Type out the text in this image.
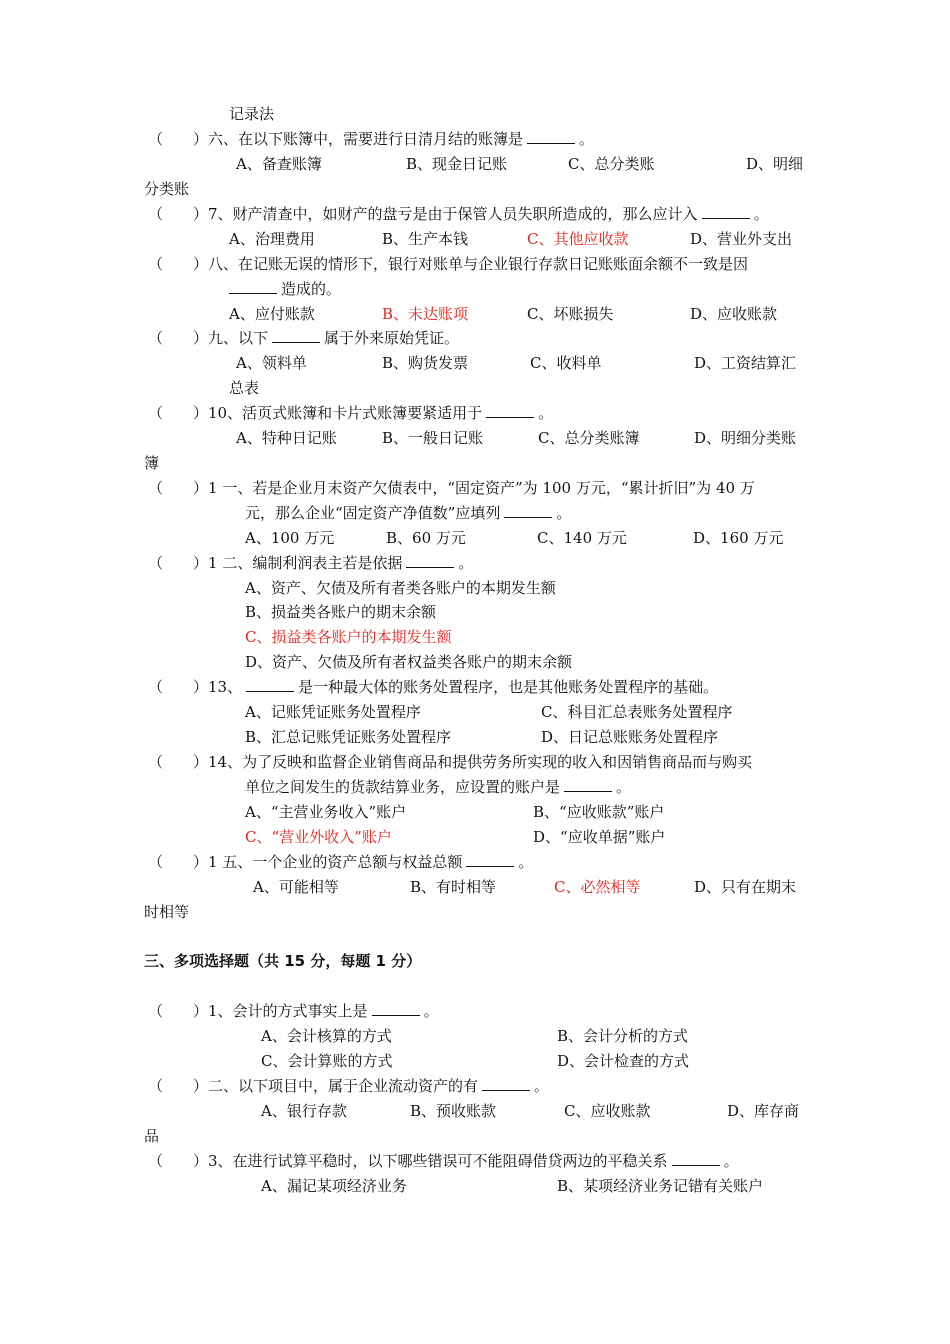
记录法
（　　）六、在以下账簿中，需要进行日清月结的账簿是	。
A、备查账簿	B、现金日记账	C、总分类账	D、明细
分类账
（　　）7、财产清查中，如财产的盘亏是由于保管人员失职所造成的，那么应计入	。
A、治理费用	B、生产本钱	C、其他应收款	D、营业外支出
（　　）八、在记账无误的情形下，银行对账单与企业银行存款日记账账面余额不一致是因
造成的。
A、应付账款	B、未达账项	C、坏账损失	D、应收账款
（　　）九、以下	属于外来原始凭证。
A、领料单	B、购货发票	C、收料单	D、工资结算汇
总表
（　　）10、活页式账簿和卡片式账簿要紧适用于	。
A、特种日记账	B、一般日记账	C、总分类账簿	D、明细分类账
簿
（　　）1 一、若是企业月末资产欠债表中，“固定资产”为 100 万元，“累计折旧”为 40 万
元，那么企业“固定资产净值数”应填列	。
A、100 万元	B、60 万元	C、140 万元	D、160 万元
（　　）1 二、编制利润表主若是依据	。
A、资产、欠债及所有者类各账户的本期发生额
B、损益类各账户的期末余额
C、损益类各账户的本期发生额
D、资产、欠债及所有者权益类各账户的期末余额
（　　）13、	是一种最大体的账务处置程序，也是其他账务处置程序的基础。
A、记账凭证账务处置程序	C、科目汇总表账务处置程序
B、汇总记账凭证账务处置程序	D、日记总账账务处置程序
（　　）14、为了反映和监督企业销售商品和提供劳务所实现的收入和因销售商品而与购买
单位之间发生的货款结算业务，应设置的账户是	。
A、“主营业务收入”账户	B、“应收账款”账户
C、“营业外收入”账户	D、“应收单据”账户
（　　）1 五、一个企业的资产总额与权益总额	。
A、可能相等	B、有时相等	C、必然相等	D、只有在期末
时相等
三、多项选择题（共 15 分，每题 1 分）
（　　）1、会计的方式事实上是	。
A、会计核算的方式	B、会计分析的方式
C、会计算账的方式	D、会计检查的方式
（　　）二、以下项目中，属于企业流动资产的有	。
A、银行存款	B、预收账款	C、应收账款	D、库存商
品
（　　）3、在进行试算平稳时，以下哪些错误可不能阻碍借贷两边的平稳关系	。
A、漏记某项经济业务	B、某项经济业务记错有关账户
